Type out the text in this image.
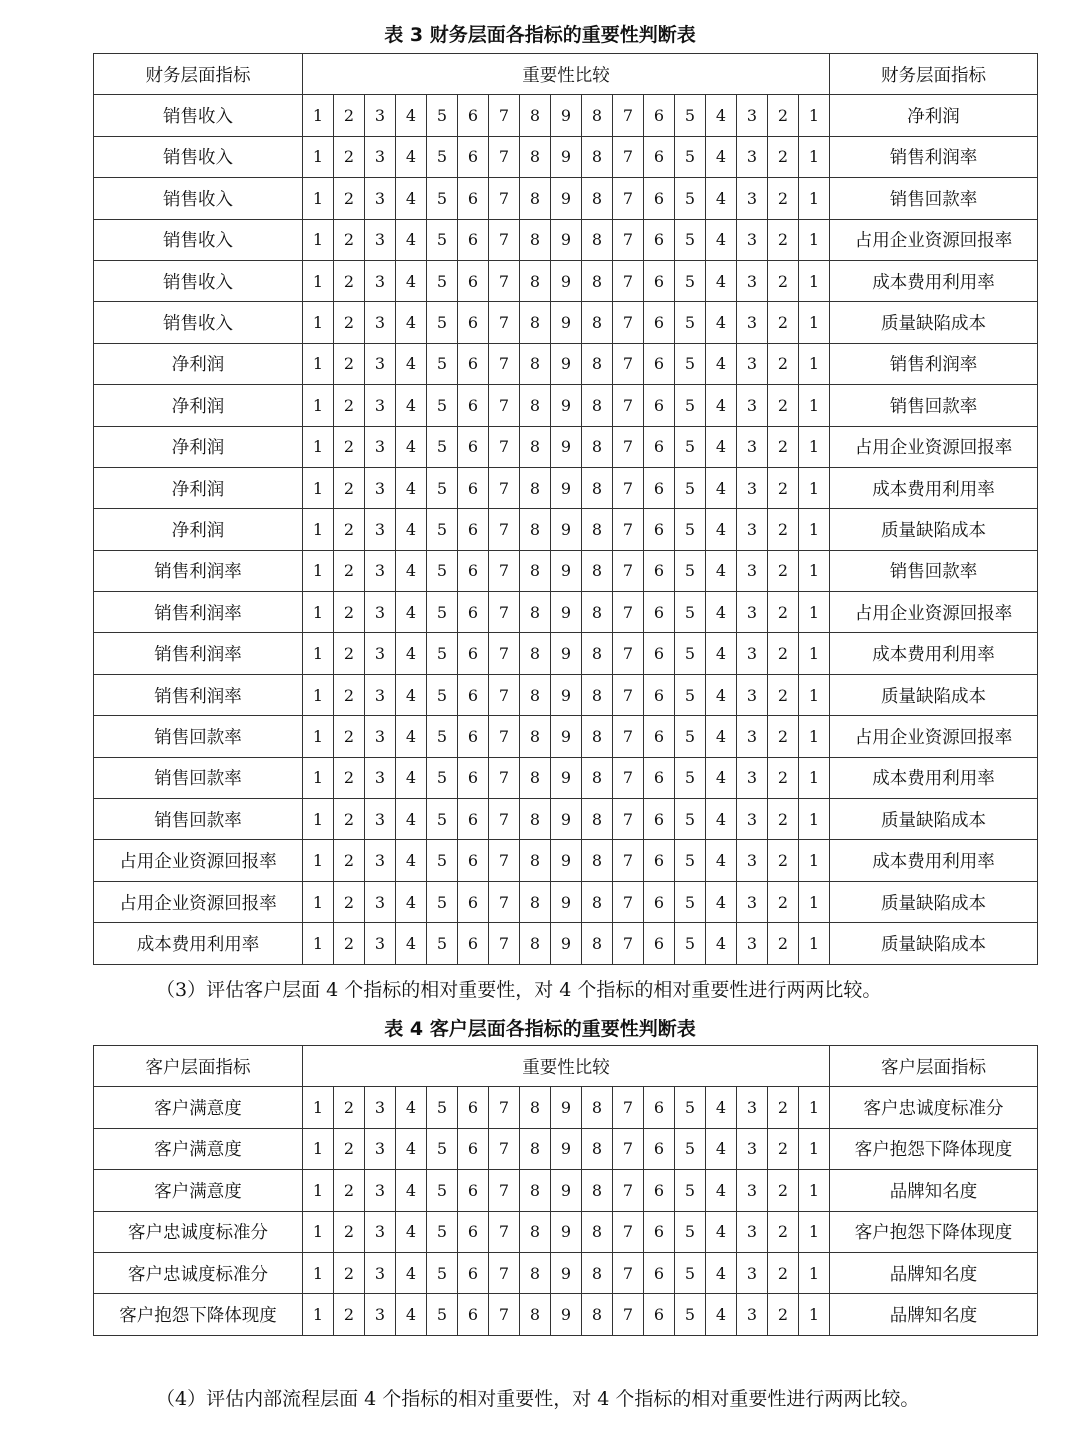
表 3 财务层面各指标的重要性判断表
财务层面指标	重要性比较																	财务层面指标
销售收入	1	2	3	4	5	6	7	8	9	8	7	6	5	4	3	2	1	净利润
销售收入	1	2	3	4	5	6	7	8	9	8	7	6	5	4	3	2	1	销售利润率
销售收入	1	2	3	4	5	6	7	8	9	8	7	6	5	4	3	2	1	销售回款率
销售收入	1	2	3	4	5	6	7	8	9	8	7	6	5	4	3	2	1	占用企业资源回报率
销售收入	1	2	3	4	5	6	7	8	9	8	7	6	5	4	3	2	1	成本费用利用率
销售收入	1	2	3	4	5	6	7	8	9	8	7	6	5	4	3	2	1	质量缺陷成本
净利润	1	2	3	4	5	6	7	8	9	8	7	6	5	4	3	2	1	销售利润率
净利润	1	2	3	4	5	6	7	8	9	8	7	6	5	4	3	2	1	销售回款率
净利润	1	2	3	4	5	6	7	8	9	8	7	6	5	4	3	2	1	占用企业资源回报率
净利润	1	2	3	4	5	6	7	8	9	8	7	6	5	4	3	2	1	成本费用利用率
净利润	1	2	3	4	5	6	7	8	9	8	7	6	5	4	3	2	1	质量缺陷成本
销售利润率	1	2	3	4	5	6	7	8	9	8	7	6	5	4	3	2	1	销售回款率
销售利润率	1	2	3	4	5	6	7	8	9	8	7	6	5	4	3	2	1	占用企业资源回报率
销售利润率	1	2	3	4	5	6	7	8	9	8	7	6	5	4	3	2	1	成本费用利用率
销售利润率	1	2	3	4	5	6	7	8	9	8	7	6	5	4	3	2	1	质量缺陷成本
销售回款率	1	2	3	4	5	6	7	8	9	8	7	6	5	4	3	2	1	占用企业资源回报率
销售回款率	1	2	3	4	5	6	7	8	9	8	7	6	5	4	3	2	1	成本费用利用率
销售回款率	1	2	3	4	5	6	7	8	9	8	7	6	5	4	3	2	1	质量缺陷成本
占用企业资源回报率	1	2	3	4	5	6	7	8	9	8	7	6	5	4	3	2	1	成本费用利用率
占用企业资源回报率	1	2	3	4	5	6	7	8	9	8	7	6	5	4	3	2	1	质量缺陷成本
成本费用利用率	1	2	3	4	5	6	7	8	9	8	7	6	5	4	3	2	1	质量缺陷成本
（3）评估客户层面 4 个指标的相对重要性，对 4 个指标的相对重要性进行两两比较。
表 4 客户层面各指标的重要性判断表
客户层面指标	重要性比较																	客户层面指标
客户满意度	1	2	3	4	5	6	7	8	9	8	7	6	5	4	3	2	1	客户忠诚度标准分
客户满意度	1	2	3	4	5	6	7	8	9	8	7	6	5	4	3	2	1	客户抱怨下降体现度
客户满意度	1	2	3	4	5	6	7	8	9	8	7	6	5	4	3	2	1	品牌知名度
客户忠诚度标准分	1	2	3	4	5	6	7	8	9	8	7	6	5	4	3	2	1	客户抱怨下降体现度
客户忠诚度标准分	1	2	3	4	5	6	7	8	9	8	7	6	5	4	3	2	1	品牌知名度
客户抱怨下降体现度	1	2	3	4	5	6	7	8	9	8	7	6	5	4	3	2	1	品牌知名度
（4）评估内部流程层面 4 个指标的相对重要性，对 4 个指标的相对重要性进行两两比较。
